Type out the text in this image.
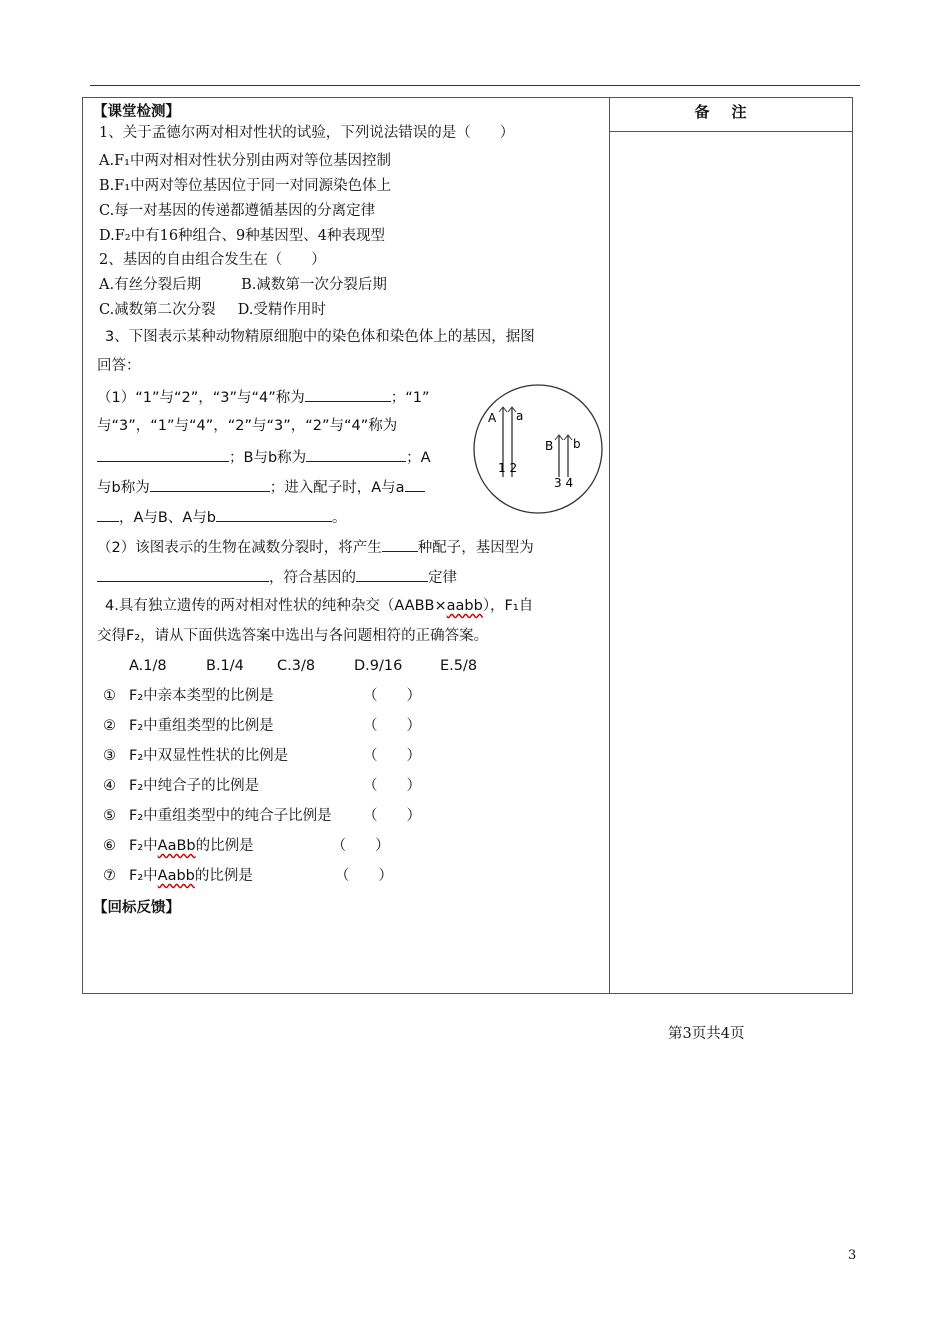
备注
【课堂检测】
1、关于孟德尔两对相对性状的试验，下列说法错误的是（　　）
A.F₁中两对相对性状分别由两对等位基因控制
B.F₁中两对等位基因位于同一对同源染色体上
C.每一对基因的传递都遵循基因的分离定律
D.F₂中有16种组合、9种基因型、4种表现型
2、基因的自由组合发生在（　　）
A.有丝分裂后期	B.减数第一次分裂后期
C.减数第二次分裂 D.受精作用时
3、下图表示某种动物精原细胞中的染色体和染色体上的基因，据图
回答：
（1）“1”与“2”，“3”与“4”称为	；“1”
与“3”，“1”与“4”，“2”与“3”，“2”与“4”称为
；B与b称为	；A
与b称为	；进入配子时，A与a
，A与B、A与b	。
（2）该图表示的生物在减数分裂时，将产生 种配子，基因型为
，符合基因的	定律
4.具有独立遗传的两对相对性状的纯种杂交（AABB×aabb），F₁自
交得F₂，请从下面供选答案中选出与各问题相符的正确答案。
A.1/8	B.1/4 C.3/8	D.9/16	E.5/8
① F₂中亲本类型的比例是	（　　）
② F₂中重组类型的比例是	（　　）
③ F₂中双显性性状的比例是	（　　）
④ F₂中纯合子的比例是	（　　）
⑤ F₂中重组类型中的纯合子比例是 （　　）
⑥ F₂中AaBb的比例是	（　　）
⑦ F₂中Aabb的比例是	（　　）
【回标反馈】
A a
B b
1 2
3 4
第3页共4页
3
